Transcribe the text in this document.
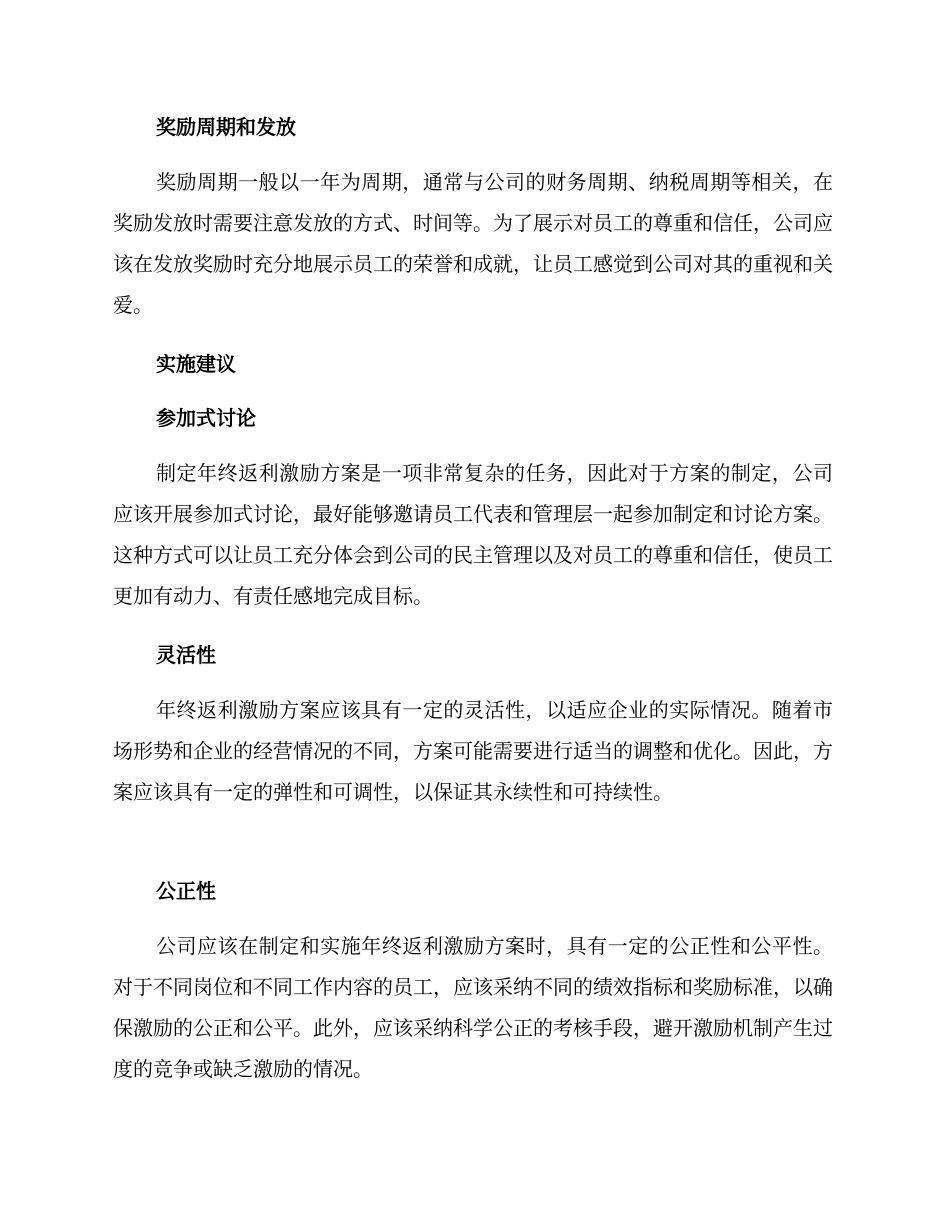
奖励周期和发放

奖励周期一般以一年为周期，通常与公司的财务周期、纳税周期等相关，在奖励发放时需要注意发放的方式、时间等。为了展示对员工的尊重和信任，公司应该在发放奖励时充分地展示员工的荣誉和成就，让员工感觉到公司对其的重视和关爱。

实施建议
参加式讨论

制定年终返利激励方案是一项非常复杂的任务，因此对于方案的制定，公司应该开展参加式讨论，最好能够邀请员工代表和管理层一起参加制定和讨论方案。这种方式可以让员工充分体会到公司的民主管理以及对员工的尊重和信任，使员工更加有动力、有责任感地完成目标。

灵活性

年终返利激励方案应该具有一定的灵活性，以适应企业的实际情况。随着市场形势和企业的经营情况的不同，方案可能需要进行适当的调整和优化。因此，方案应该具有一定的弹性和可调性，以保证其永续性和可持续性。

公正性

公司应该在制定和实施年终返利激励方案时，具有一定的公正性和公平性。对于不同岗位和不同工作内容的员工，应该采纳不同的绩效指标和奖励标准，以确保激励的公正和公平。此外，应该采纳科学公正的考核手段，避开激励机制产生过度的竞争或缺乏激励的情况。
